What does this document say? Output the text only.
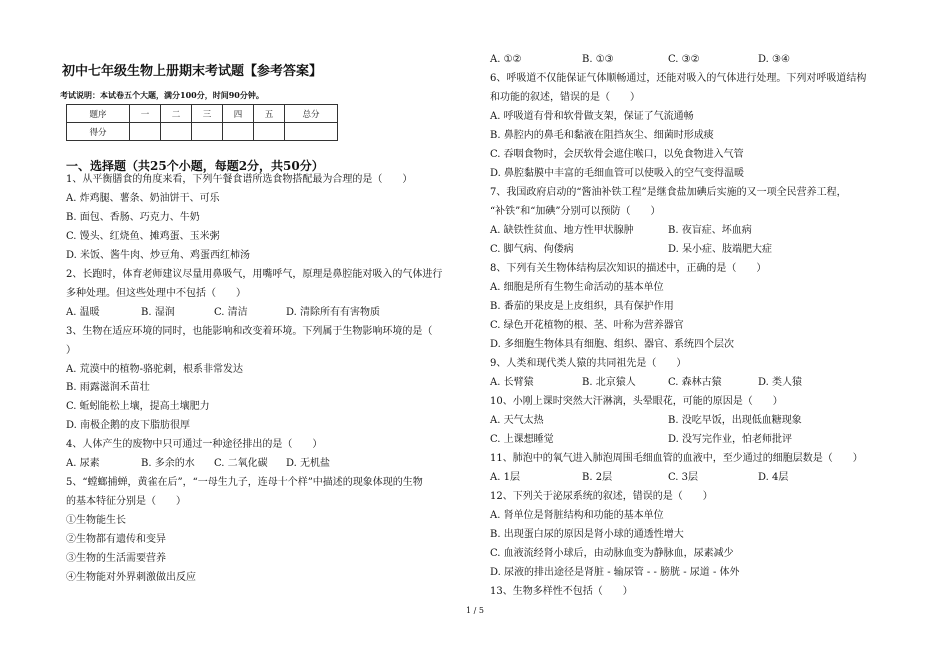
初中七年级生物上册期末考试题【参考答案】
考试说明：本试卷五个大题，满分100分，时间90分钟。
题序	一	二	三	四	五	总分
得分						
一、选择题（共25个小题，每题2分，共50分）
1、从平衡膳食的角度来看，下列午餐食谱所选食物搭配最为合理的是（　　）
A. 炸鸡腿、薯条、奶油饼干、可乐
B. 面包、香肠、巧克力、牛奶
C. 馒头、红烧鱼、摊鸡蛋、玉米粥
D. 米饭、酱牛肉、炒豆角、鸡蛋西红柿汤
2、长跑时，体育老师建议尽量用鼻吸气，用嘴呼气，原理是鼻腔能对吸入的气体进行
多种处理。但这些处理中不包括（　　）
A. 温暖	B. 湿润	C. 清洁	D. 清除所有有害物质
3、生物在适应环境的同时，也能影响和改变着环境。下列属于生物影响环境的是（
）
A. 荒漠中的植物-骆驼刺，根系非常发达
B. 雨露滋润禾苗壮
C. 蚯蚓能松上壤，提高土壤肥力
D. 南极企鹅的皮下脂肪很厚
4、人体产生的废物中只可通过一种途径排出的是（　　）
A. 尿素	B. 多余的水 C. 二氧化碳 D. 无机盐
5、“螳螂捕蝉，黄雀在后”，“一母生九子，连母十个样”中描述的现象体现的生物
的基本特征分别是（　　）
①生物能生长
②生物都有遗传和变异
③生物的生活需要营养
④生物能对外界刺激做出反应
A. ①②	B. ①③	C. ③②	D. ③④
6、呼吸道不仅能保证气体顺畅通过，还能对吸入的气体进行处理。下列对呼吸道结构
和功能的叙述，错误的是（　　）
A. 呼吸道有骨和软骨做支架，保证了气流通畅
B. 鼻腔内的鼻毛和黏液在阻挡灰尘、细菌时形成痰
C. 吞咽食物时，会厌软骨会遮住喉口，以免食物进入气管
D. 鼻腔黏膜中丰富的毛细血管可以使吸入的空气变得温暖
7、我国政府启动的“酱油补铁工程”是继食盐加碘后实施的又一项全民营养工程，
“补铁”和“加碘”分别可以预防（　　）
A. 缺铁性贫血、地方性甲状腺肿	B. 夜盲症、坏血病
C. 脚气病、佝偻病	D. 呆小症、肢端肥大症
8、下列有关生物体结构层次知识的描述中，正确的是（　　）
A. 细胞是所有生物生命活动的基本单位
B. 番茄的果皮是上皮组织，具有保护作用
C. 绿色开花植物的根、茎、叶称为营养器官
D. 多细胞生物体具有细胞、组织、器官、系统四个层次
9、人类和现代类人猿的共同祖先是（　　）
A. 长臂猿	B. 北京猿人	C. 森林古猿	D. 类人猿
10、小刚上课时突然大汗淋漓，头晕眼花，可能的原因是（　　）
A. 天气太热	B. 没吃早饭，出现低血糖现象
C. 上课想睡觉	D. 没写完作业，怕老师批评
11、肺泡中的氧气进入肺泡周围毛细血管的血液中，至少通过的细胞层数是（　　）
A. 1层	B. 2层	C. 3层	D. 4层
12、下列关于泌尿系统的叙述，错误的是（　　）
A. 肾单位是肾脏结构和功能的基本单位
B. 出现蛋白尿的原因是肾小球的通透性增大
C. 血液流经肾小球后，由动脉血变为静脉血，尿素减少
D. 尿液的排出途径是肾脏 - 输尿管 - - 膀胱 - 尿道 - 体外
13、生物多样性不包括（　　）
1 / 5
